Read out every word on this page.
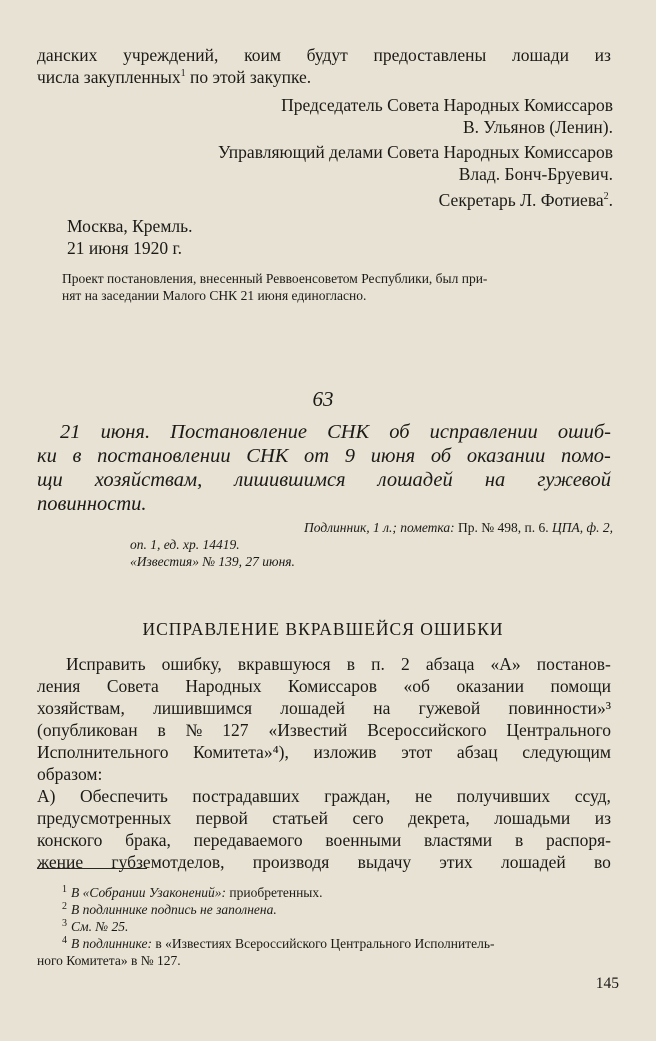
данских учреждений, коим будут предоставлены лошади из
числа закупленных$^1$ по этой закупке.
Председатель Совета Народных Комиссаров
В. Ульянов (Ленин).
Управляющий делами Совета Народных Комиссаров
Влад. Бонч-Бруевич.
Секретарь Л. Фотиева$^2$.
Москва, Кремль.
21 июня 1920 г.
Проект постановления, внесенный Реввоенсоветом Республики, был при-
нят на заседании Малого СНК 21 июня единогласно.
63
21 июня. Постановление СНК об исправлении ошиб-
ки в постановлении СНК от 9 июня об оказании помо-
щи хозяйствам, лишившимся лошадей на гужевой
повинности.
Подлинник, 1 л.; пометка: Пр. № 498, п. 6. ЦПА, ф. 2,
оп. 1, ед. хр. 14419.
«Известия» № 139, 27 июня.
ИСПРАВЛЕНИЕ ВКРАВШЕЙСЯ ОШИБКИ
Исправить ошибку, вкравшуюся в п. 2 абзаца «А» постанов-
ления Совета Народных Комиссаров «об оказании помощи
хозяйствам, лишившимся лошадей на гужевой повинности»³
(опубликован в № 127 «Известий Всероссийского Центрального
Исполнительного Комитета»⁴), изложив этот абзац следующим
образом:
А) Обеспечить пострадавших граждан, не получивших ссуд,
предусмотренных первой статьей сего декрета, лошадьми из
конского брака, передаваемого военными властями в распоря-
жение губземотделов, производя выдачу этих лошадей во
$^1$ В «Собрании Узаконений»: приобретенных.
$^2$ В подлиннике подпись не заполнена.
$^3$ См. № 25.
$^4$ В подлиннике: в «Известиях Всероссийского Центрального Исполнитель-
ного Комитета» в № 127.
145
